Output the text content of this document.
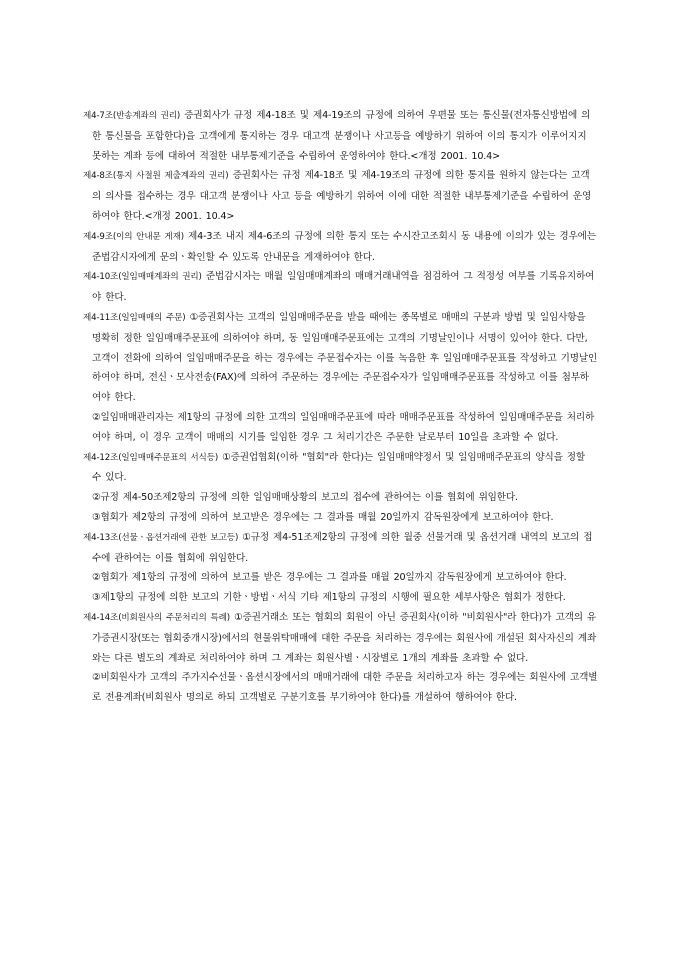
제4-7조(반송계좌의 권리) 증권회사가 규정 제4-18조 및 제4-19조의 규정에 의하여 우편물 또는 통신물(전자통신방법에 의한 통신물을 포함한다)을 고객에게 통지하는 경우 대고객 분쟁이나 사고등을 예방하기 위하여 이의 통지가 이루어지지 못하는 계좌 등에 대하여 적절한 내부통제기준을 수립하여 운영하여야 한다.<개정 2001. 10.4>

제4-8조(통지 사절원 제출계좌의 권리) 증권회사는 규정 제4-18조 및 제4-19조의 규정에 의한 통지를 원하지 않는다는 고객의 의사를 접수하는 경우 대고객 분쟁이나 사고 등을 예방하기 위하여 이에 대한 적절한 내부통제기준을 수립하여 운영하여야 한다.<개정 2001. 10.4>

제4-9조(이의 안내문 게재) 제4-3조 내지 제4-6조의 규정에 의한 통지 또는 수시잔고조회시 동 내용에 이의가 있는 경우에는 준법감시자에게 문의ㆍ확인할 수 있도록 안내문을 게재하여야 한다.

제4-10조(일임매매계좌의 권리) 준법감시자는 매월 일임매매계좌의 매매거래내역을 점검하여 그 적정성 여부를 기록유지하여야 한다.

제4-11조(일임매매의 주문) ①증권회사는 고객의 일임매매주문을 받을 때에는 종목별로 매매의 구분과 방법 및 일임사항을 명확히 정한 일임매매주문표에 의하여야 하며, 동 일임매매주문표에는 고객의 기명날인이나 서명이 있어야 한다. 다만, 고객이 전화에 의하여 일임매매주문을 하는 경우에는 주문접수자는 이를 녹음한 후 일임매매주문표를 작성하고 기명날인하여야 하며, 전신ㆍ모사전송(FAX)에 의하여 주문하는 경우에는 주문접수자가 일임매매주문표를 작성하고 이를 첨부하여야 한다.

②일임매매관리자는 제1항의 규정에 의한 고객의 일임매매주문표에 따라 매매주문표를 작성하여 일임매매주문을 처리하여야 하며, 이 경우 고객이 매매의 시기를 일임한 경우 그 처리기간은 주문한 날로부터 10일을 초과할 수 없다.

제4-12조(일임매매주문표의 서식등) ①증권업협회(이하 "협회"라 한다)는 일임매매약정서 및 일임매매주문표의 양식을 정할 수 있다.

②규정 제4-50조제2항의 규정에 의한 일임매매상황의 보고의 접수에 관하여는 이를 협회에 위임한다.

③협회가 제2항의 규정에 의하여 보고받은 경우에는 그 결과를 매월 20일까지 감독원장에게 보고하여야 한다.

제4-13조(선물ㆍ옵션거래에 관한 보고등) ①규정 제4-51조제2항의 규정에 의한 월중 선물거래 및 옵션거래 내역의 보고의 접수에 관하여는 이를 협회에 위임한다.

②협회가 제1항의 규정에 의하여 보고를 받은 경우에는 그 결과를 매월 20일까지 감독원장에게 보고하여야 한다.

③제1항의 규정에 의한 보고의 기한ㆍ방법ㆍ서식 기타 제1항의 규정의 시행에 필요한 세부사항은 협회가 정한다.

제4-14조(비회원사의 주문처리의 특례) ①증권거래소 또는 협회의 회원이 아닌 증권회사(이하 "비회원사"라 한다)가 고객의 유가증권시장(또는 협회중개시장)에서의 현물위탁매매에 대한 주문을 처리하는 경우에는 회원사에 개설된 회사자신의 계좌와는 다른 별도의 계좌로 처리하여야 하며 그 계좌는 회원사별ㆍ시장별로 1개의 계좌를 초과할 수 없다.

②비회원사가 고객의 주가지수선물ㆍ옵션시장에서의 매매거래에 대한 주문을 처리하고자 하는 경우에는 회원사에 고객별로 전용계좌(비회원사 명의로 하되 고객별로 구분기호를 부기하여야 한다)를 개설하여 행하여야 한다.
